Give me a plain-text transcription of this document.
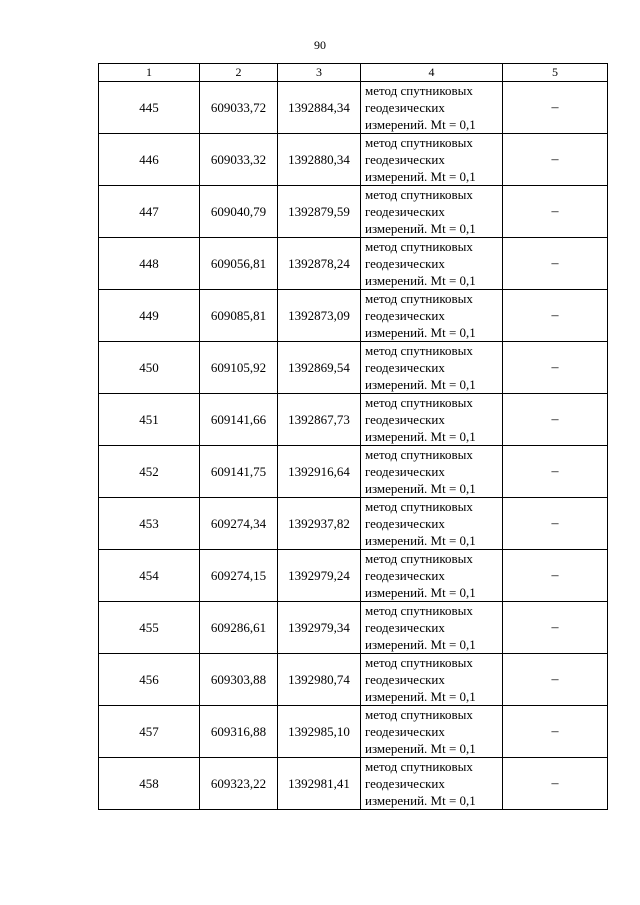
90
1	2	3	4	5
445	609033,72	1392884,34	метод спутниковых
геодезических
измерений. Mt = 0,1	–
446	609033,32	1392880,34	метод спутниковых
геодезических
измерений. Mt = 0,1	–
447	609040,79	1392879,59	метод спутниковых
геодезических
измерений. Mt = 0,1	–
448	609056,81	1392878,24	метод спутниковых
геодезических
измерений. Mt = 0,1	–
449	609085,81	1392873,09	метод спутниковых
геодезических
измерений. Mt = 0,1	–
450	609105,92	1392869,54	метод спутниковых
геодезических
измерений. Mt = 0,1	–
451	609141,66	1392867,73	метод спутниковых
геодезических
измерений. Mt = 0,1	–
452	609141,75	1392916,64	метод спутниковых
геодезических
измерений. Mt = 0,1	–
453	609274,34	1392937,82	метод спутниковых
геодезических
измерений. Mt = 0,1	–
454	609274,15	1392979,24	метод спутниковых
геодезических
измерений. Mt = 0,1	–
455	609286,61	1392979,34	метод спутниковых
геодезических
измерений. Mt = 0,1	–
456	609303,88	1392980,74	метод спутниковых
геодезических
измерений. Mt = 0,1	–
457	609316,88	1392985,10	метод спутниковых
геодезических
измерений. Mt = 0,1	–
458	609323,22	1392981,41	метод спутниковых
геодезических
измерений. Mt = 0,1	–
